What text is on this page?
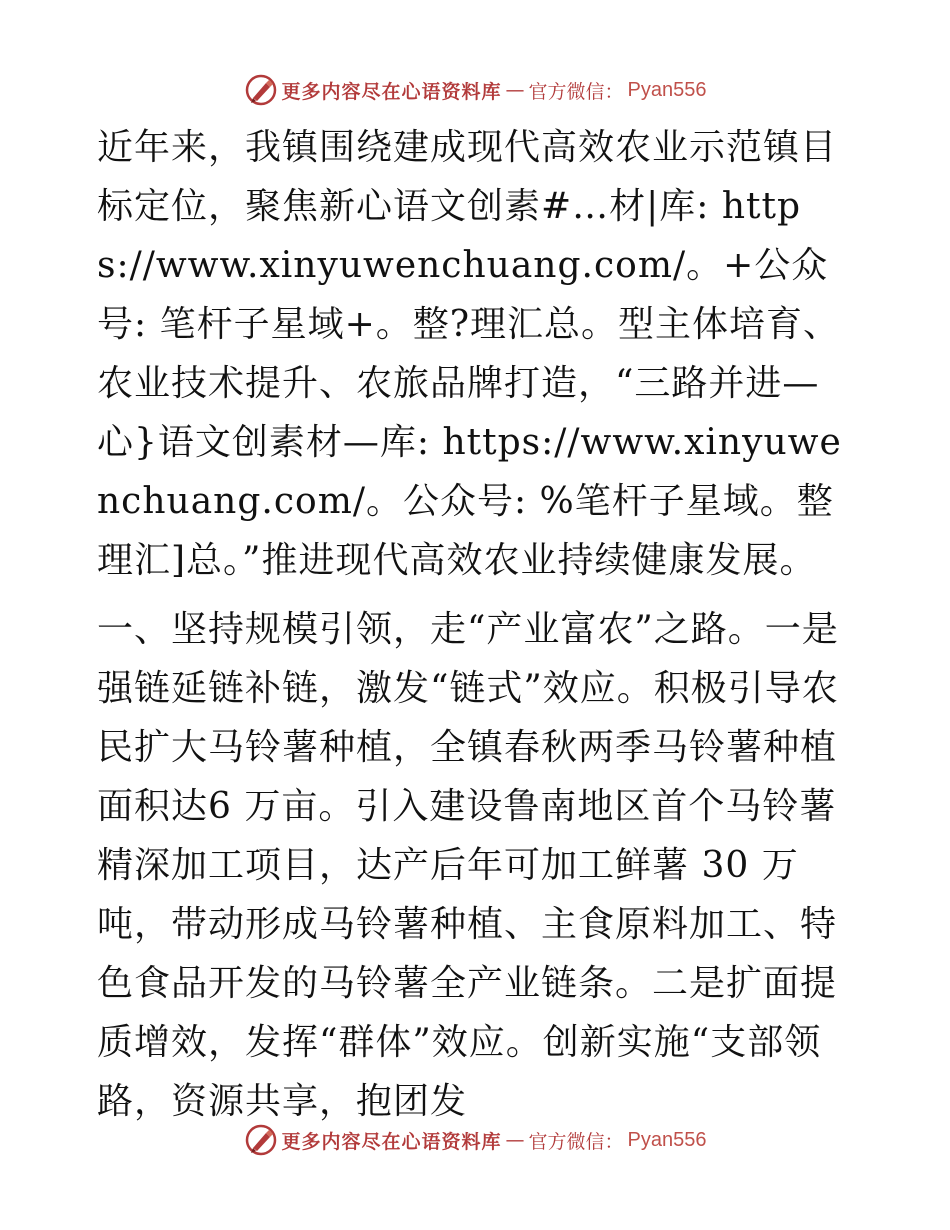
更多内容尽在心语资料库 — 官方微信： Pyan556

近年来，我镇围绕建成现代高效农业示范镇目标定位，聚焦新心语文创素#…材|库: https://www.xinyuwenchuang.com/。+公众号: 笔杆子星域+。整?理汇总。型主体培育、农业技术提升、农旅品牌打造，“三路并进—心}语文创素材—库: https://www.xinyuwenchuang.com/。公众号: %笔杆子星域。整理汇]总。”推进现代高效农业持续健康发展。

一、坚持规模引领，走“产业富农”之路。一是强链延链补链，激发“链式”效应。积极引导农民扩大马铃薯种植，全镇春秋两季马铃薯种植面积达6 万亩。引入建设鲁南地区首个马铃薯精深加工项目，达产后年可加工鲜薯 30 万吨，带动形成马铃薯种植、主食原料加工、特色食品开发的马铃薯全产业链条。二是扩面提质增效，发挥“群体”效应。创新实施“支部领路，资源共享，抱团发

更多内容尽在心语资料库 — 官方微信： Pyan556
